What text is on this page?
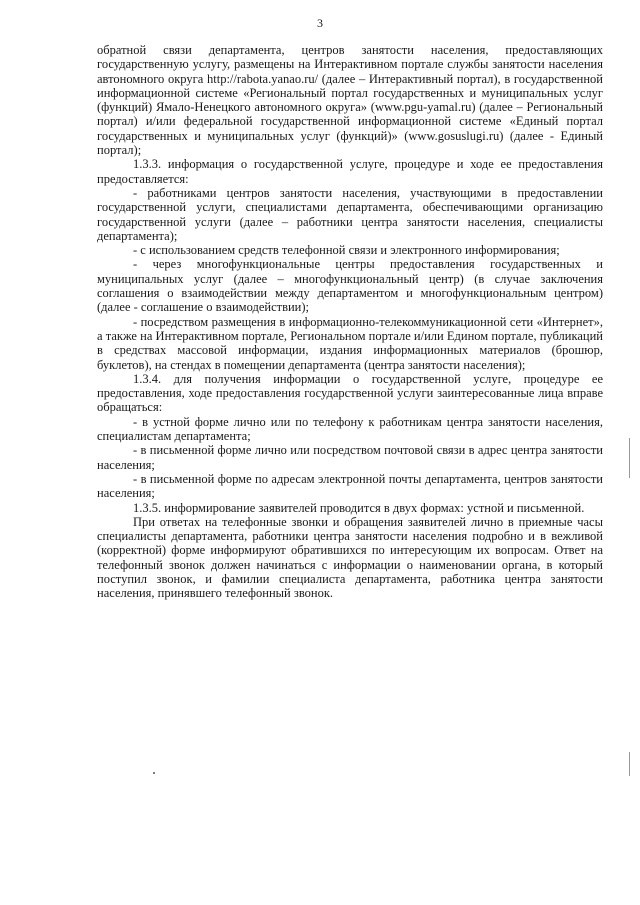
3

обратной связи департамента, центров занятости населения, предоставляющих государственную услугу, размещены на Интерактивном портале службы занятости населения автономного округа http://rabota.yanao.ru/ (далее – Интерактивный портал), в государственной информационной системе «Региональный портал государственных и муниципальных услуг (функций) Ямало-Ненецкого автономного округа» (www.pgu-yamal.ru) (далее – Региональный портал) и/или федеральной государственной информационной системе «Единый портал государственных и муниципальных услуг (функций)» (www.gosuslugi.ru) (далее - Единый портал);

1.3.3. информация о государственной услуге, процедуре и ходе ее предоставления предоставляется:

- работниками центров занятости населения, участвующими в предоставлении государственной услуги, специалистами департамента, обеспечивающими организацию государственной услуги (далее – работники центра занятости населения, специалисты департамента);

- с использованием средств телефонной связи и электронного информирования;

- через многофункциональные центры предоставления государственных и муниципальных услуг (далее – многофункциональный центр) (в случае заключения соглашения о взаимодействии между департаментом и многофункциональным центром) (далее - соглашение о взаимодействии);

- посредством размещения в информационно-телекоммуникационной сети «Интернет», а также на Интерактивном портале, Региональном портале и/или Едином портале, публикаций в средствах массовой информации, издания информационных материалов (брошюр, буклетов), на стендах в помещении департамента (центра занятости населения);

1.3.4. для получения информации о государственной услуге, процедуре ее предоставления, ходе предоставления государственной услуги заинтересованные лица вправе обращаться:

- в устной форме лично или по телефону к работникам центра занятости населения, специалистам департамента;

- в письменной форме лично или посредством почтовой связи в адрес центра занятости населения;

- в письменной форме по адресам электронной почты департамента, центров занятости населения;

1.3.5. информирование заявителей проводится в двух формах: устной и письменной.

При ответах на телефонные звонки и обращения заявителей лично в приемные часы специалисты департамента, работники центра занятости населения подробно и в вежливой (корректной) форме информируют обратившихся по интересующим их вопросам. Ответ на телефонный звонок должен начинаться с информации о наименовании органа, в который поступил звонок, и фамилии специалиста департамента, работника центра занятости населения, принявшего телефонный звонок.
